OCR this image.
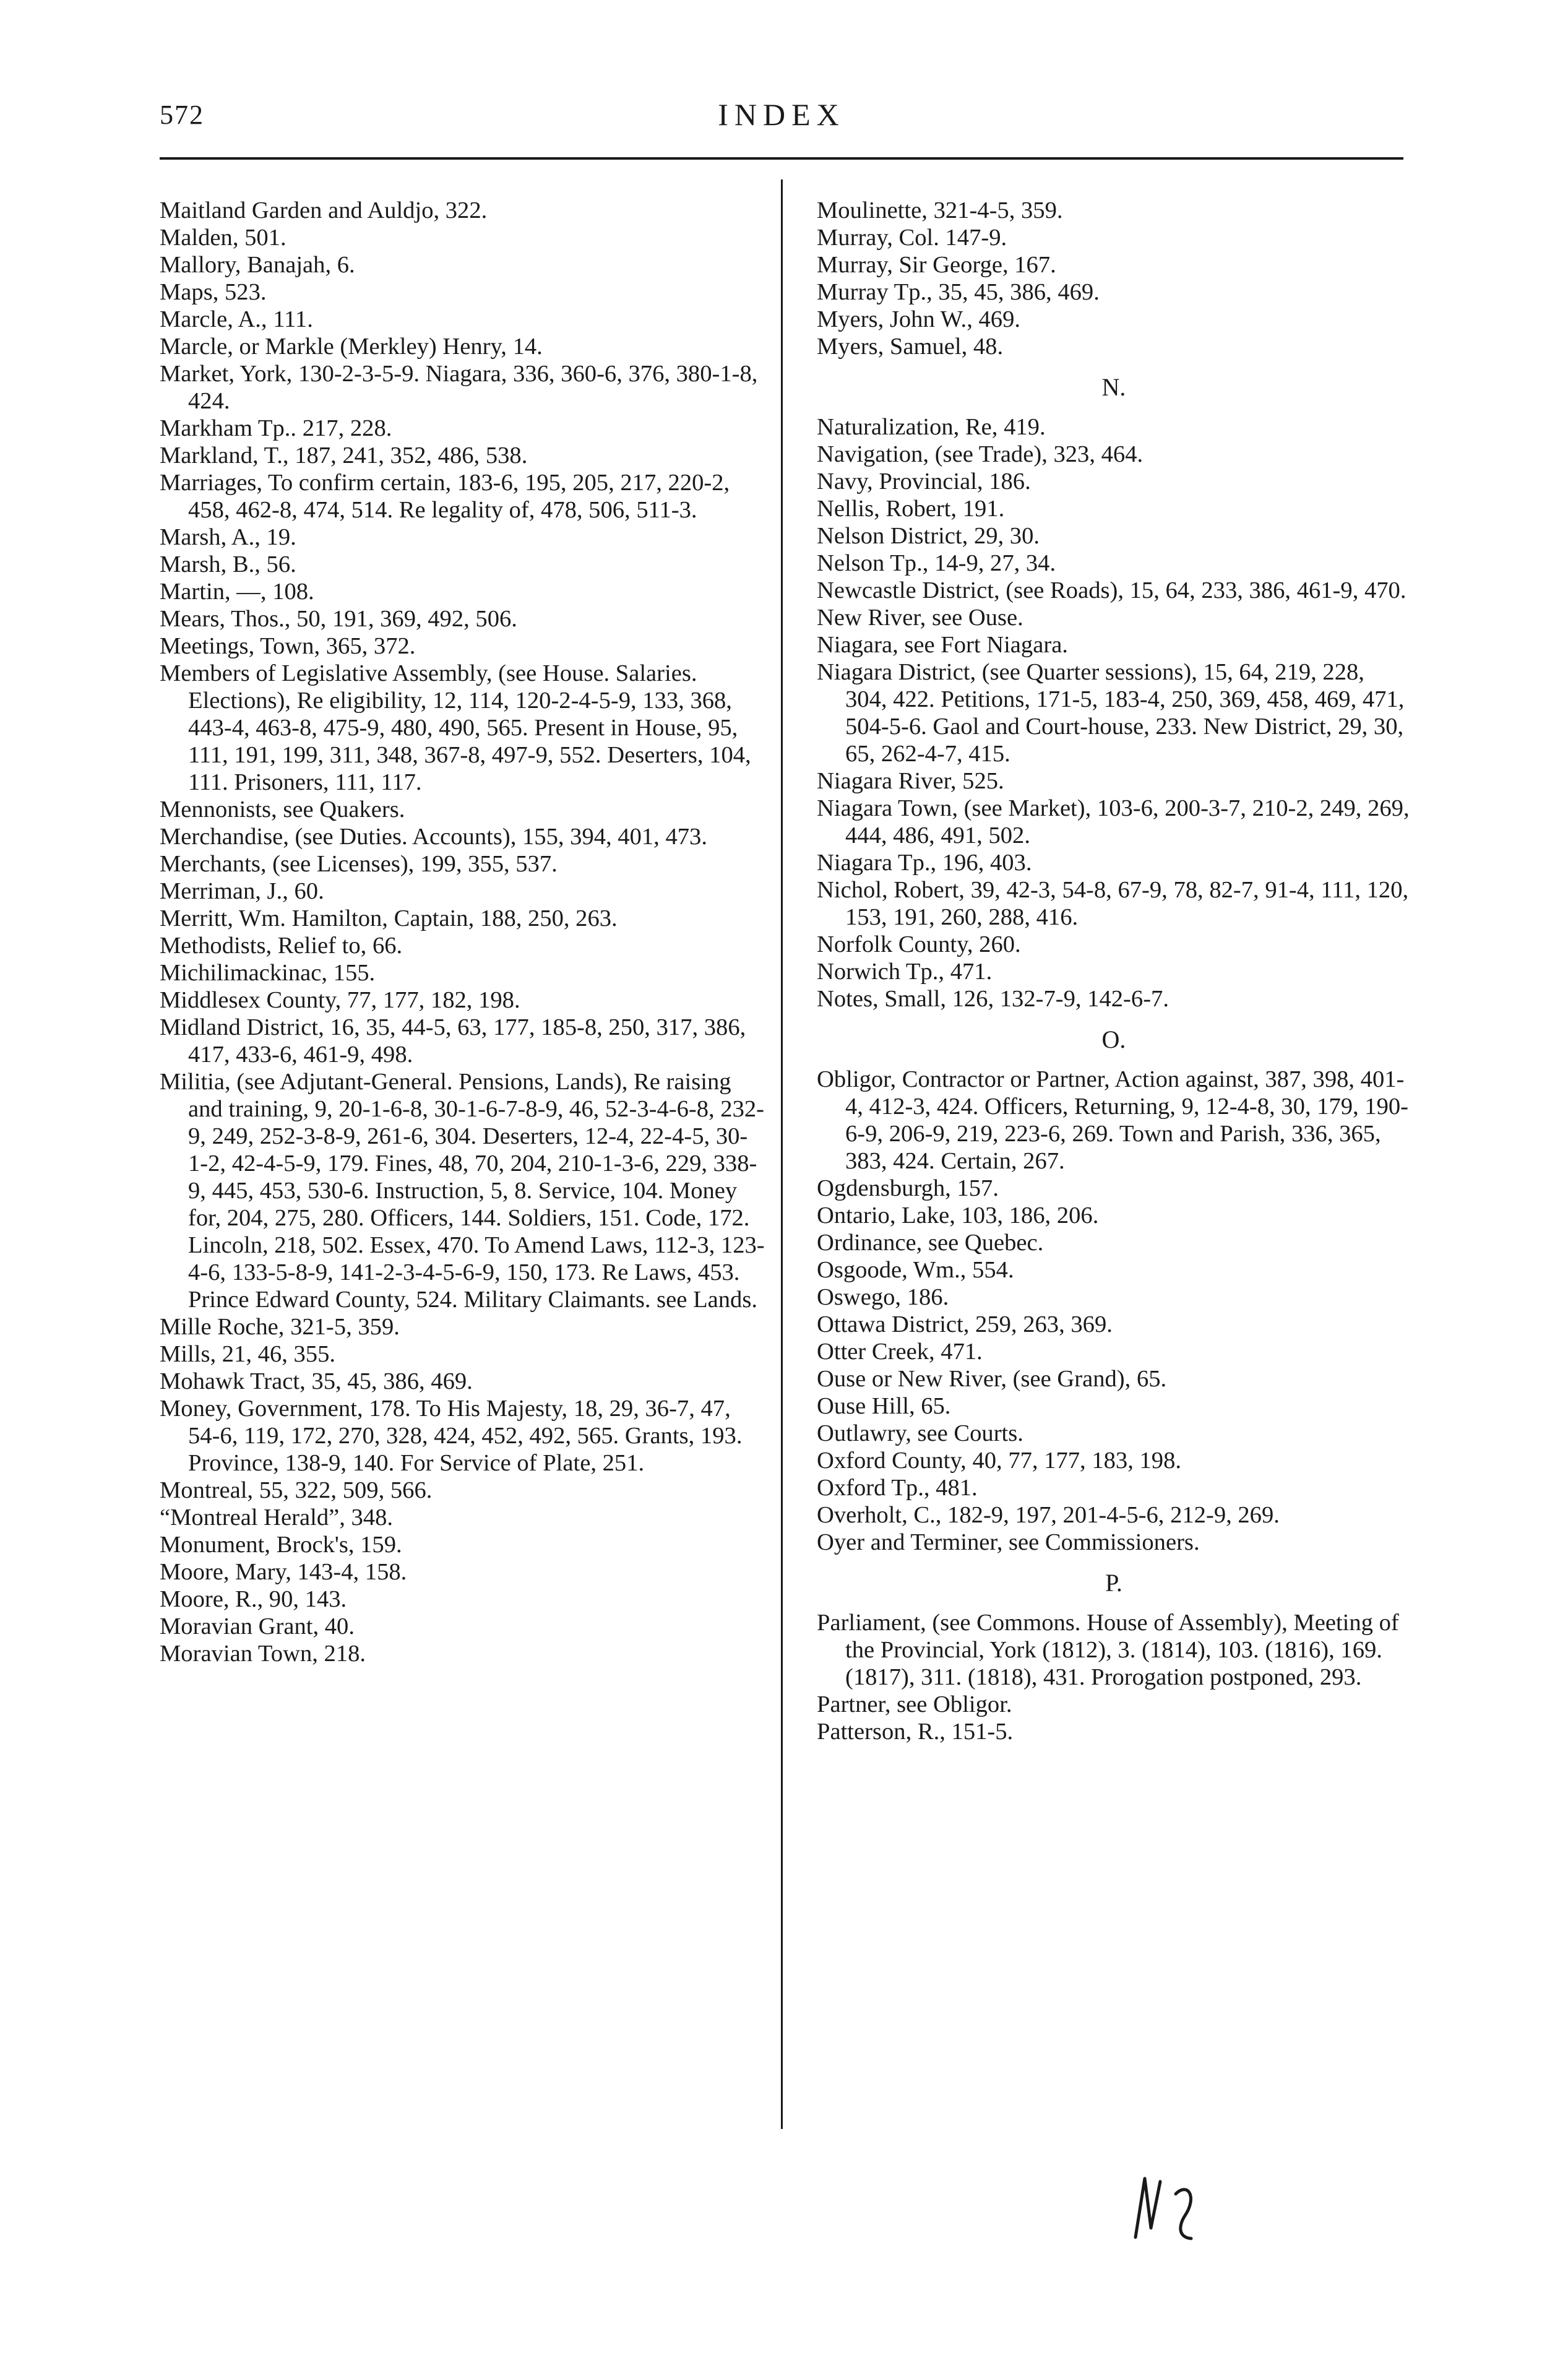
572	INDEX

Maitland Garden and Auldjo, 322.

Malden, 501.

Mallory, Banajah, 6.

Maps, 523.

Marcle, A., 111.

Marcle, or Markle (Merkley) Henry, 14.

Market, York, 130-2-3-5-9. Niagara, 336, 360-6, 376, 380-1-8, 424.

Markham Tp.. 217, 228.

Markland, T., 187, 241, 352, 486, 538.

Marriages, To confirm certain, 183-6, 195, 205, 217, 220-2, 458, 462-8, 474, 514. Re legality of, 478, 506, 511-3.

Marsh, A., 19.

Marsh, B., 56.

Martin, —, 108.

Mears, Thos., 50, 191, 369, 492, 506.

Meetings, Town, 365, 372.

Members of Legislative Assembly, (see House. Salaries. Elections), Re eligibility, 12, 114, 120-2-4-5-9, 133, 368, 443-4, 463-8, 475-9, 480, 490, 565. Present in House, 95, 111, 191, 199, 311, 348, 367-8, 497-9, 552. Deserters, 104, 111. Prisoners, 111, 117.

Mennonists, see Quakers.

Merchandise, (see Duties. Accounts), 155, 394, 401, 473.

Merchants, (see Licenses), 199, 355, 537.

Merriman, J., 60.

Merritt, Wm. Hamilton, Captain, 188, 250, 263.

Methodists, Relief to, 66.

Michilimackinac, 155.

Middlesex County, 77, 177, 182, 198.

Midland District, 16, 35, 44-5, 63, 177, 185-8, 250, 317, 386, 417, 433-6, 461-9, 498.

Militia, (see Adjutant-General. Pensions, Lands), Re raising and training, 9, 20-1-6-8, 30-1-6-7-8-9, 46, 52-3-4-6-8, 232-9, 249, 252-3-8-9, 261-6, 304. Deserters, 12-4, 22-4-5, 30-1-2, 42-4-5-9, 179. Fines, 48, 70, 204, 210-1-3-6, 229, 338-9, 445, 453, 530-6. Instruction, 5, 8. Service, 104. Money for, 204, 275, 280. Officers, 144. Soldiers, 151. Code, 172. Lincoln, 218, 502. Essex, 470. To Amend Laws, 112-3, 123-4-6, 133-5-8-9, 141-2-3-4-5-6-9, 150, 173. Re Laws, 453. Prince Edward County, 524. Military Claimants. see Lands.

Mille Roche, 321-5, 359.

Mills, 21, 46, 355.

Mohawk Tract, 35, 45, 386, 469.

Money, Government, 178. To His Majesty, 18, 29, 36-7, 47, 54-6, 119, 172, 270, 328, 424, 452, 492, 565. Grants, 193. Province, 138-9, 140. For Service of Plate, 251.

Montreal, 55, 322, 509, 566.

“Montreal Herald”, 348.

Monument, Brock's, 159.

Moore, Mary, 143-4, 158.

Moore, R., 90, 143.

Moravian Grant, 40.

Moravian Town, 218.

Moulinette, 321-4-5, 359.

Murray, Col. 147-9.

Murray, Sir George, 167.

Murray Tp., 35, 45, 386, 469.

Myers, John W., 469.

Myers, Samuel, 48.

N.

Naturalization, Re, 419.

Navigation, (see Trade), 323, 464.

Navy, Provincial, 186.

Nellis, Robert, 191.

Nelson District, 29, 30.

Nelson Tp., 14-9, 27, 34.

Newcastle District, (see Roads), 15, 64, 233, 386, 461-9, 470.

New River, see Ouse.

Niagara, see Fort Niagara.

Niagara District, (see Quarter sessions), 15, 64, 219, 228, 304, 422. Petitions, 171-5, 183-4, 250, 369, 458, 469, 471, 504-5-6. Gaol and Court-house, 233. New District, 29, 30, 65, 262-4-7, 415.

Niagara River, 525.

Niagara Town, (see Market), 103-6, 200-3-7, 210-2, 249, 269, 444, 486, 491, 502.

Niagara Tp., 196, 403.

Nichol, Robert, 39, 42-3, 54-8, 67-9, 78, 82-7, 91-4, 111, 120, 153, 191, 260, 288, 416.

Norfolk County, 260.

Norwich Tp., 471.

Notes, Small, 126, 132-7-9, 142-6-7.

O.

Obligor, Contractor or Partner, Action against, 387, 398, 401-4, 412-3, 424. Officers, Returning, 9, 12-4-8, 30, 179, 190-6-9, 206-9, 219, 223-6, 269. Town and Parish, 336, 365, 383, 424. Certain, 267.

Ogdensburgh, 157.

Ontario, Lake, 103, 186, 206.

Ordinance, see Quebec.

Osgoode, Wm., 554.

Oswego, 186.

Ottawa District, 259, 263, 369.

Otter Creek, 471.

Ouse or New River, (see Grand), 65.

Ouse Hill, 65.

Outlawry, see Courts.

Oxford County, 40, 77, 177, 183, 198.

Oxford Tp., 481.

Overholt, C., 182-9, 197, 201-4-5-6, 212-9, 269.

Oyer and Terminer, see Commissioners.

P.

Parliament, (see Commons. House of Assembly), Meeting of the Provincial, York (1812), 3. (1814), 103. (1816), 169. (1817), 311. (1818), 431. Prorogation postponed, 293.

Partner, see Obligor.

Patterson, R., 151-5.
